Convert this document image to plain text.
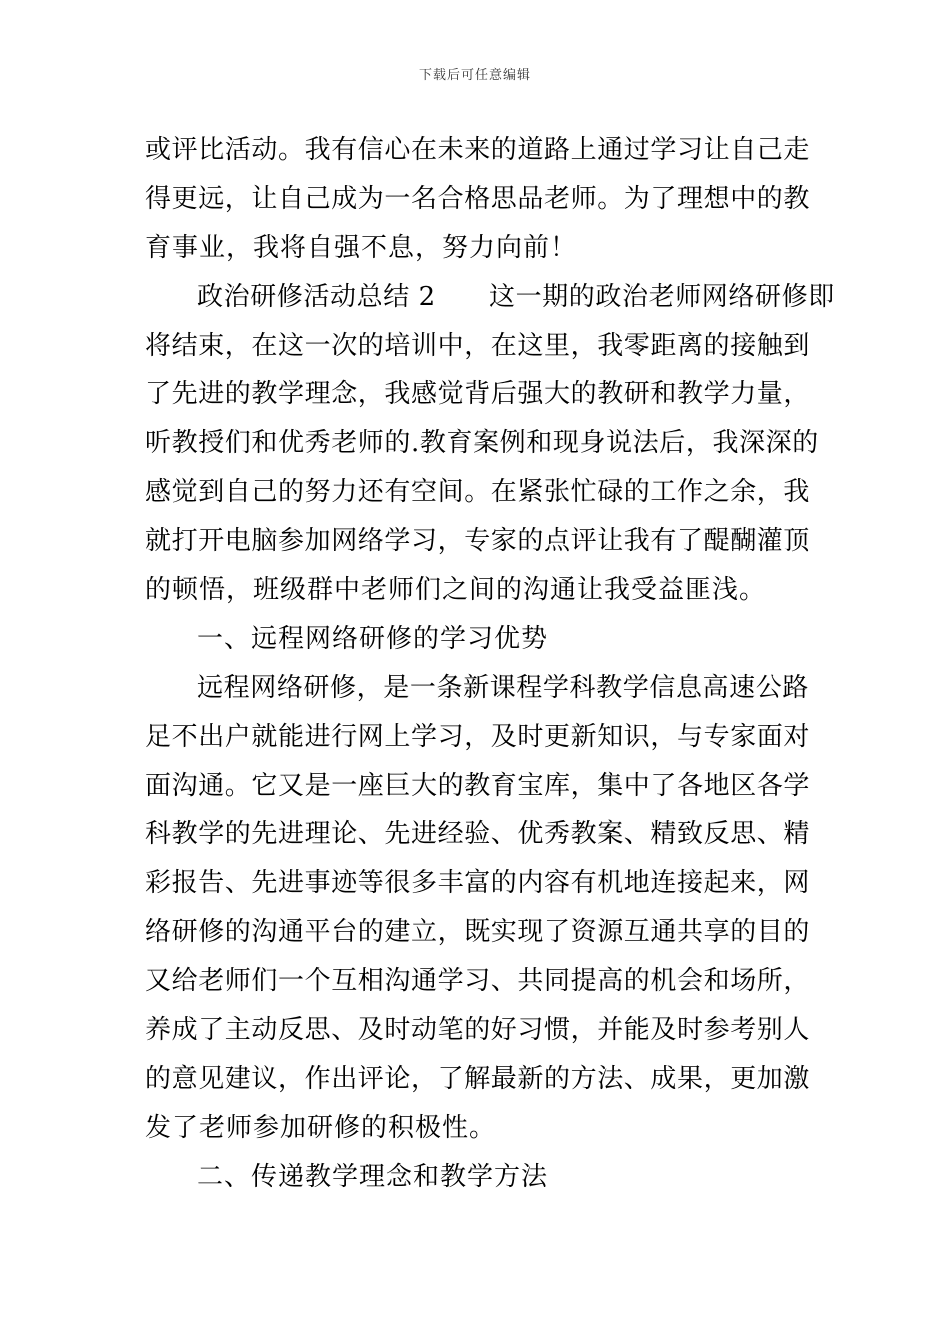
下载后可任意编辑
或评比活动。我有信心在未来的道路上通过学习让自己走
得更远，让自己成为一名合格思品老师。为了理想中的教
育事业，我将自强不息，努力向前！
政治研修活动总结 2　　这一期的政治老师网络研修即
将结束，在这一次的培训中，在这里，我零距离的接触到
了先进的教学理念，我感觉背后强大的教研和教学力量，
听教授们和优秀老师的.教育案例和现身说法后，我深深的
感觉到自己的努力还有空间。在紧张忙碌的工作之余，我
就打开电脑参加网络学习，专家的点评让我有了醍醐灌顶
的顿悟，班级群中老师们之间的沟通让我受益匪浅。
一、远程网络研修的学习优势
远程网络研修，是一条新课程学科教学信息高速公路
足不出户就能进行网上学习，及时更新知识，与专家面对
面沟通。它又是一座巨大的教育宝库，集中了各地区各学
科教学的先进理论、先进经验、优秀教案、精致反思、精
彩报告、先进事迹等很多丰富的内容有机地连接起来，网
络研修的沟通平台的建立，既实现了资源互通共享的目的
又给老师们一个互相沟通学习、共同提高的机会和场所，
养成了主动反思、及时动笔的好习惯，并能及时参考别人
的意见建议，作出评论，了解最新的方法、成果，更加激
发了老师参加研修的积极性。
二、传递教学理念和教学方法
